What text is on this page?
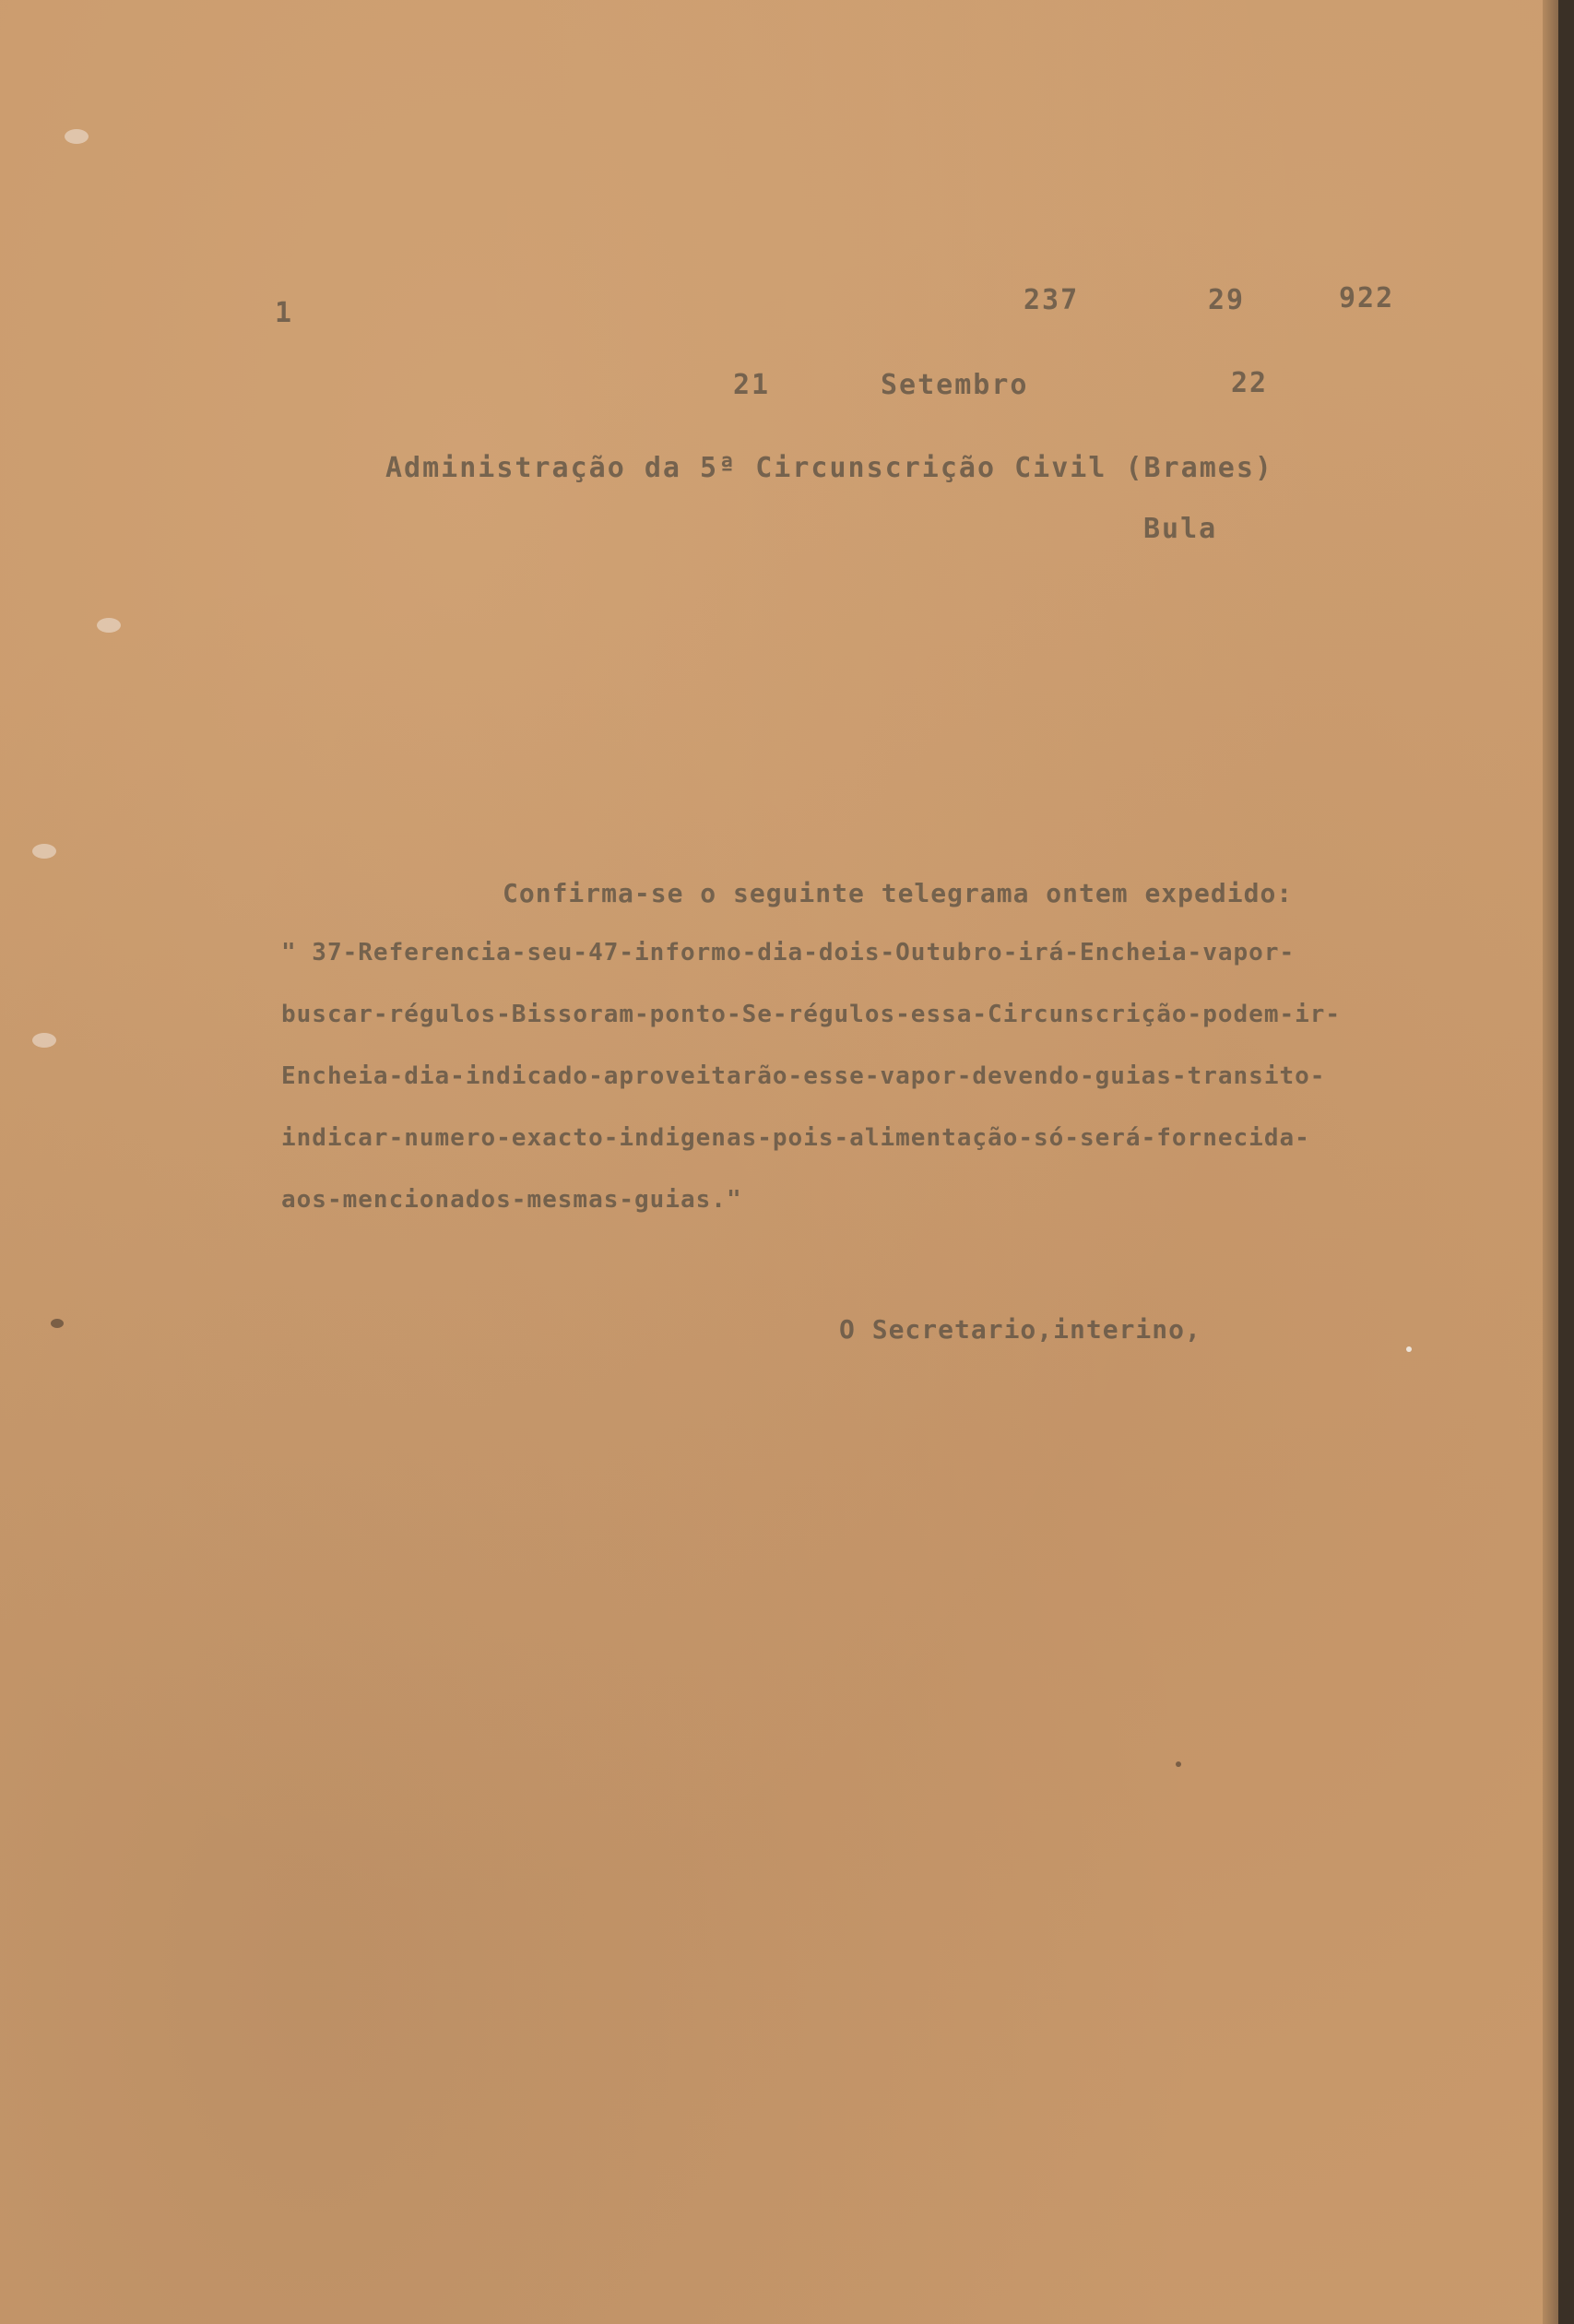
1	237	29	922
21	Setembro	22
Administração da 5ª Circunscrição Civil (Brames)
Bula
Confirma-se o seguinte telegrama ontem expedido:
" 37-Referencia-seu-47-informo-dia-dois-Outubro-irá-Encheia-vapor-
buscar-régulos-Bissoram-ponto-Se-régulos-essa-Circunscrição-podem-ir-
Encheia-dia-indicado-aproveitarão-esse-vapor-devendo-guias-transito-
indicar-numero-exacto-indigenas-pois-alimentação-só-será-fornecida-
aos-mencionados-mesmas-guias."
O Secretario,interino,
